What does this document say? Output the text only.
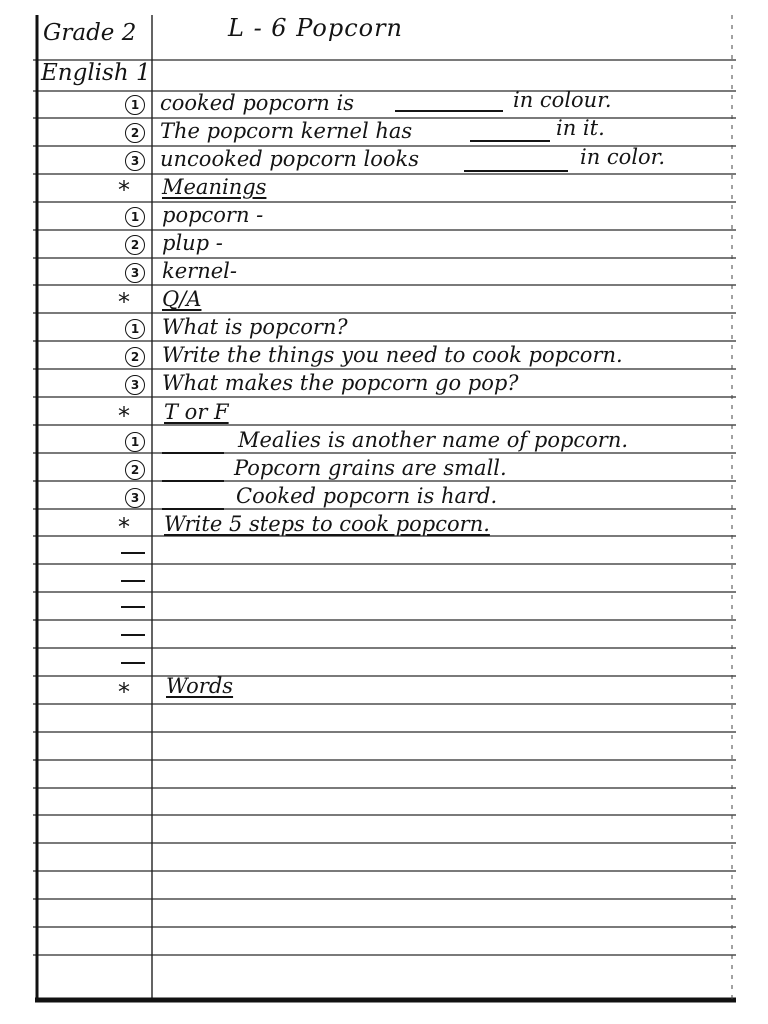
Grade 2
English 1
L - 6 Popcorn
1 cooked popcorn is	in colour.
2 The popcorn kernel has	in it.
3 uncooked popcorn looks	in color.
* Meanings
1 popcorn -
2 plup -
3 kernel-
* Q/A
1 What is popcorn?
2 Write the things you need to cook popcorn.
3 What makes the popcorn go pop?
* T or F
1	Mealies is another name of popcorn.
2	Popcorn grains are small.
3	Cooked popcorn is hard.
* Write 5 steps to cook popcorn.
* Words
